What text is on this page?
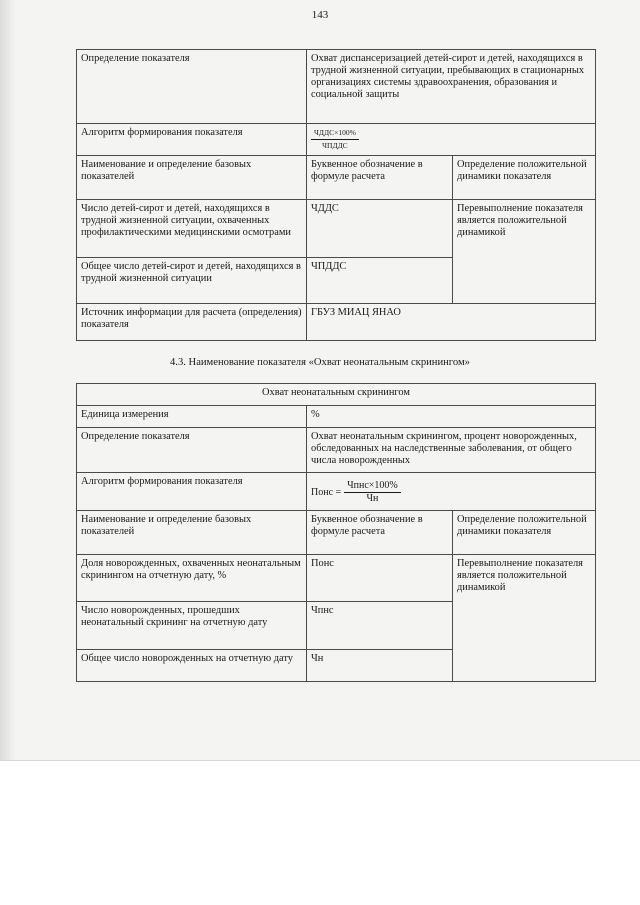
143
Определение показателя	Охват диспансеризацией детей-сирот и детей, находящихся в трудной жизненной ситуации, пребывающих в стационарных организациях системы здравоохранения, образования и социальной защиты	
Алгоритм формирования показателя	$\frac{\text{ЧДДС×100\%}}{\text{ЧПДДС}}$

Наименование и определение базовых показателей	Буквенное обозначение в формуле расчета	Определение положительной динамики показателя
Число детей-сирот и детей, находящихся в трудной жизненной ситуации, охваченных профилактическими медицинскими осмотрами	ЧДДС	Перевыполнение показателя является положительной динамикой
Общее число детей-сирот и детей, находящихся в трудной жизненной ситуации	ЧПДДС	
Источник информации для расчета (определения) показателя	ГБУЗ МИАЦ ЯНАО	
4.3. Наименование показателя «Охват неонатальным скринингом»
Охват неонатальным скринингом		
Единица измерения	%	
Определение показателя	Охват неонатальным скринингом, процент новорожденных, обследованных на наследственные заболевания, от общего числа новорожденных	
Алгоритм формирования показателя	Понс = $\frac{\text{Чпнс×100\%}}{Чн}$

Наименование и определение базовых показателей	Буквенное обозначение в формуле расчета	Определение положительной динамики показателя
Доля новорожденных, охваченных неонатальным скринингом на отчетную дату, %	Понс	Перевыполнение показателя является положительной динамикой
Число новорожденных, прошедших неонатальный скрининг на отчетную дату	Чпнс	
Общее число новорожденных на отчетную дату	Чн	
